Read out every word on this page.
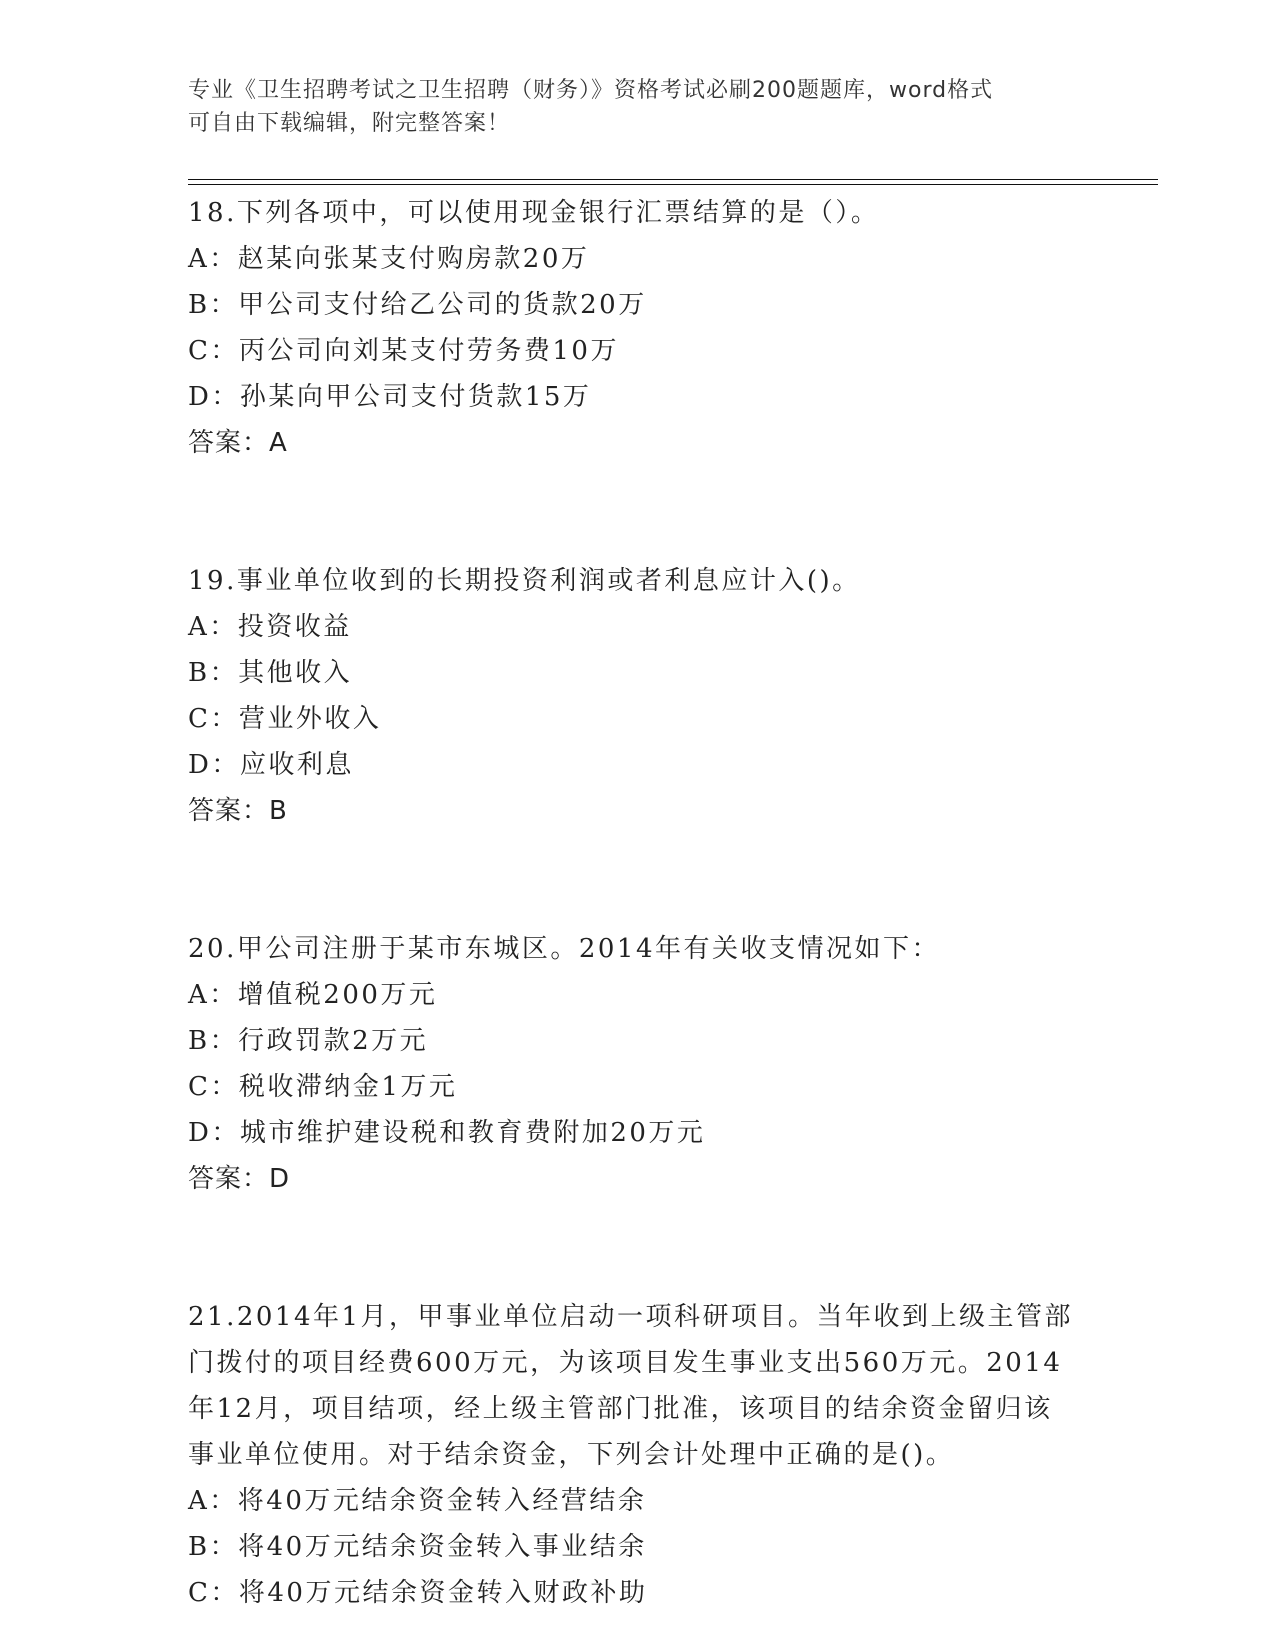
专业《卫生招聘考试之卫生招聘（财务）》资格考试必刷200题题库，word格式
可自由下载编辑，附完整答案！
18.下列各项中，可以使用现金银行汇票结算的是（）。
A：赵某向张某支付购房款20万
B：甲公司支付给乙公司的货款20万
C：丙公司向刘某支付劳务费10万
D：孙某向甲公司支付货款15万
答案：A
19.事业单位收到的长期投资利润或者利息应计入()。
A：投资收益
B：其他收入
C：营业外收入
D：应收利息
答案：B
20.甲公司注册于某市东城区。2014年有关收支情况如下：
A：增值税200万元
B：行政罚款2万元
C：税收滞纳金1万元
D：城市维护建设税和教育费附加20万元
答案：D
21.2014年1月，甲事业单位启动一项科研项目。当年收到上级主管部
门拨付的项目经费600万元，为该项目发生事业支出560万元。2014
年12月，项目结项，经上级主管部门批准，该项目的结余资金留归该
事业单位使用。对于结余资金，下列会计处理中正确的是()。
A：将40万元结余资金转入经营结余
B：将40万元结余资金转入事业结余
C：将40万元结余资金转入财政补助
